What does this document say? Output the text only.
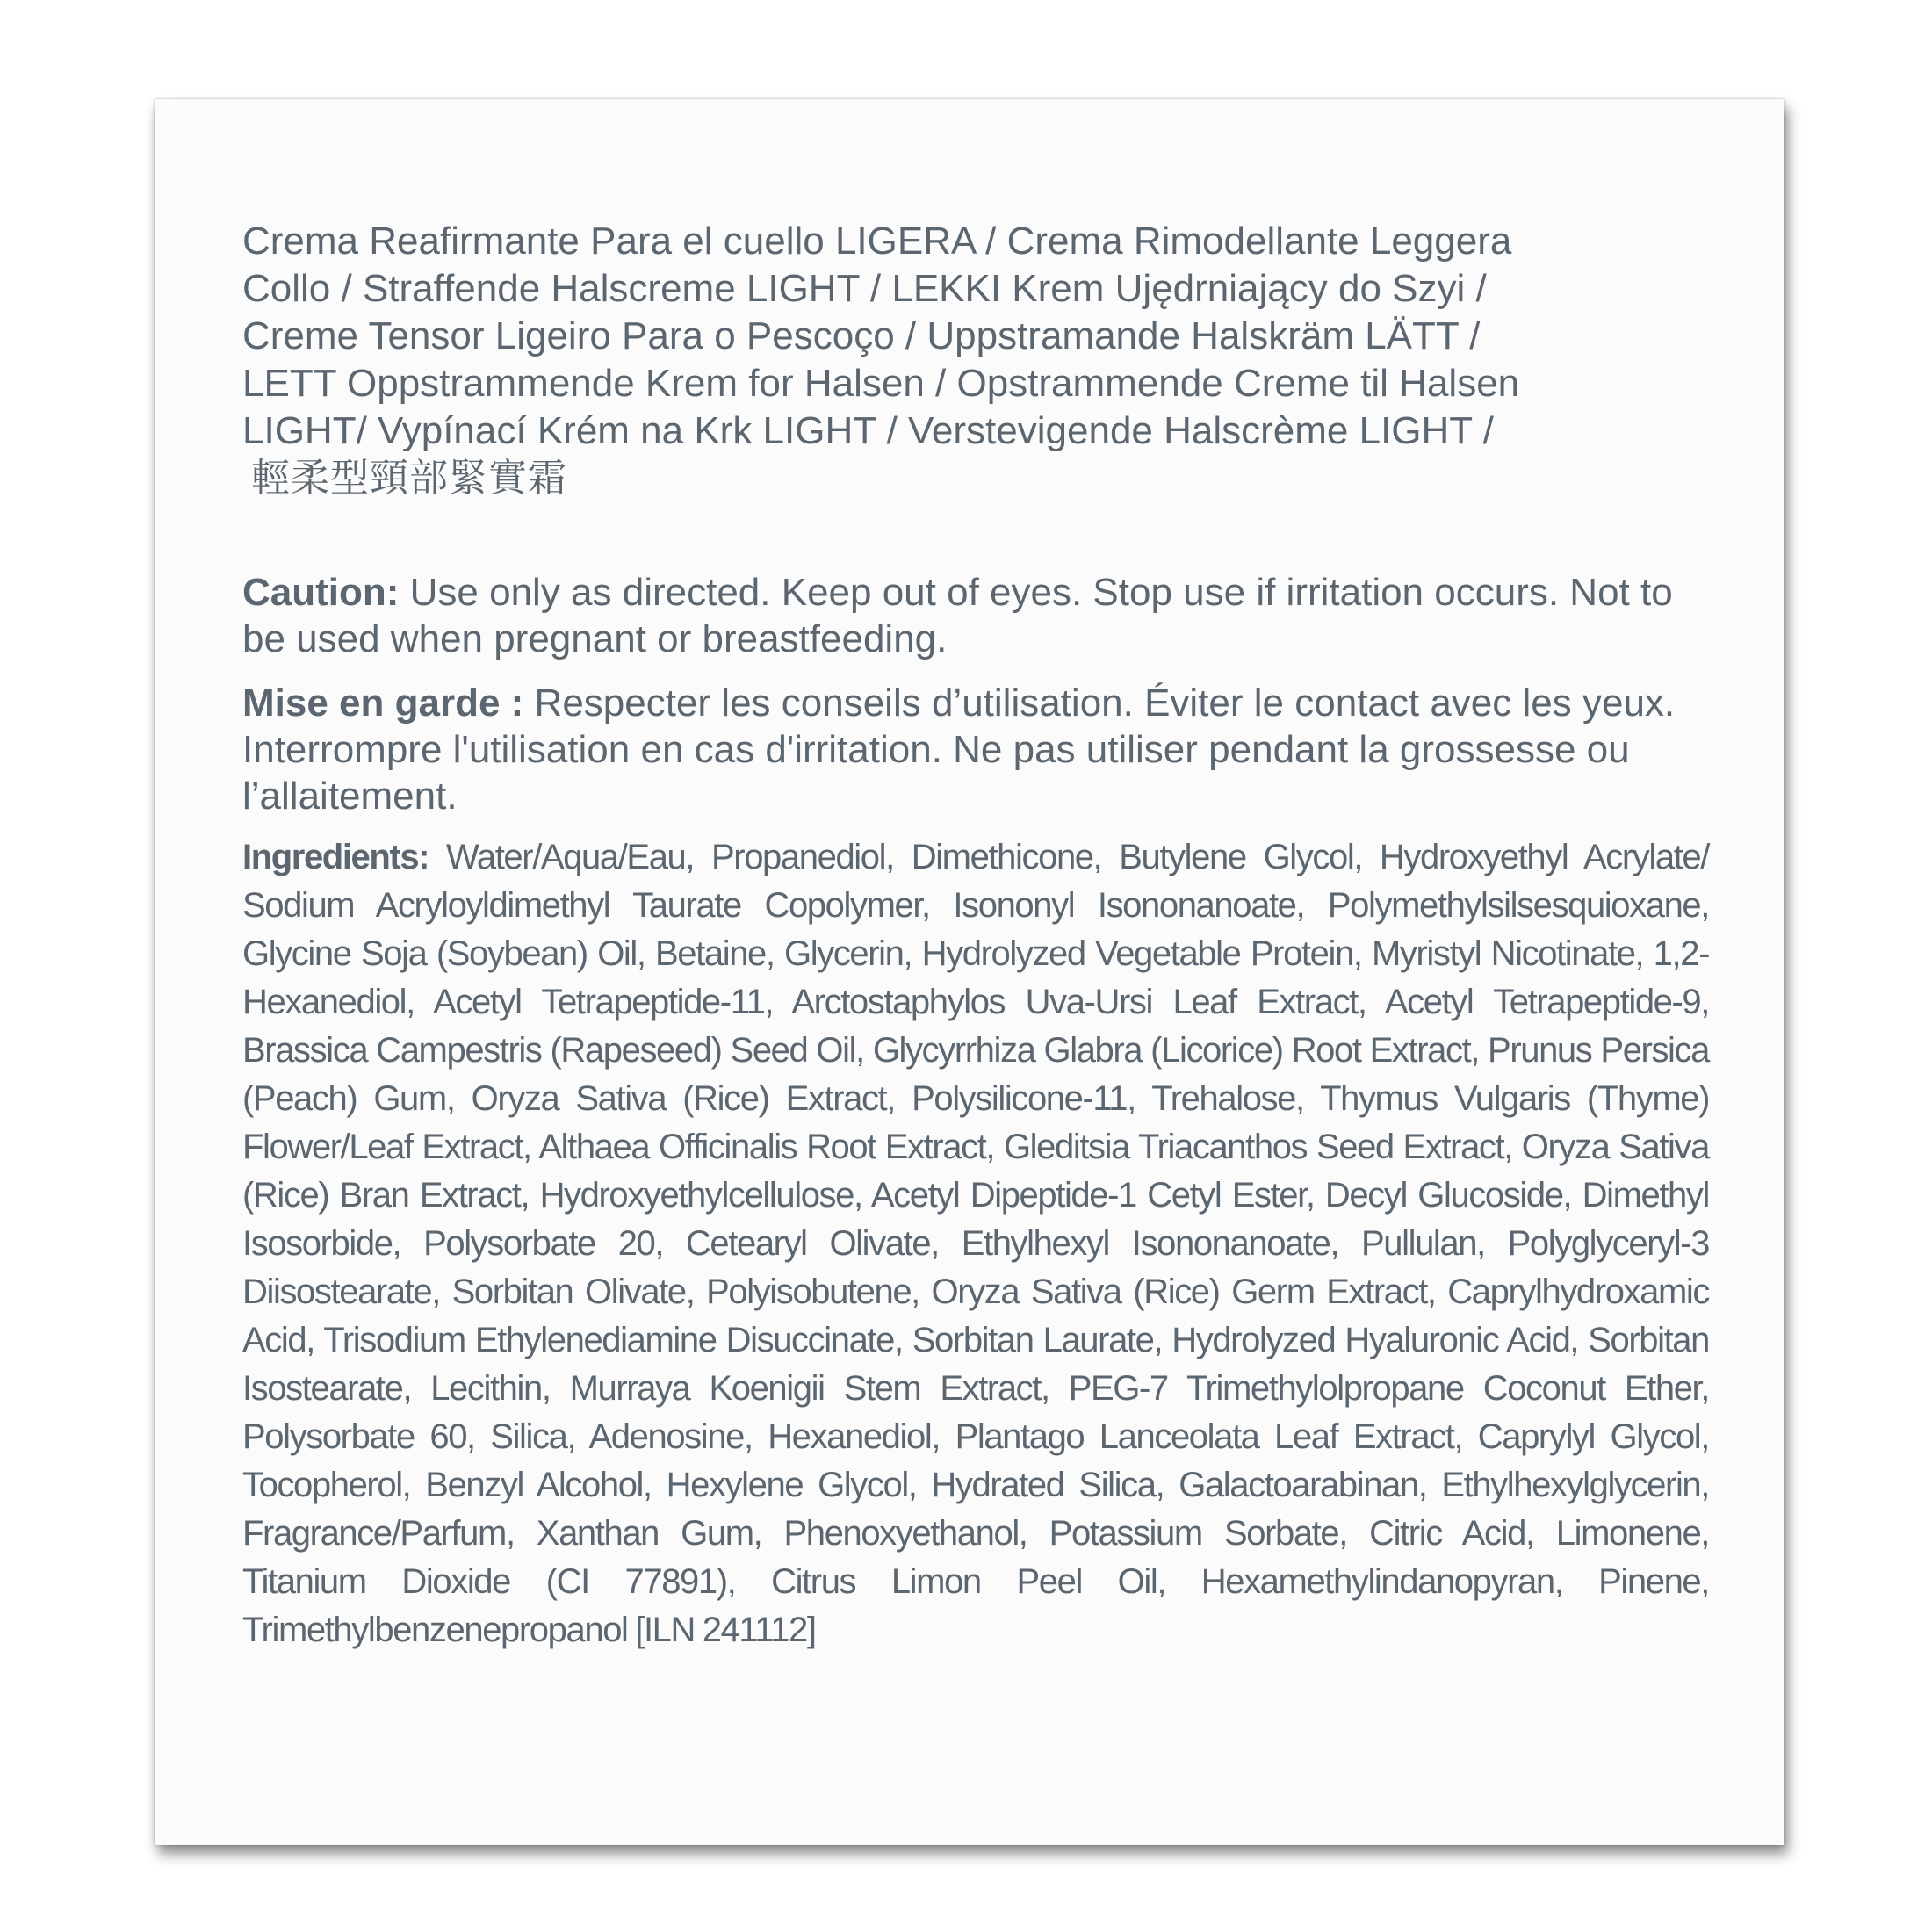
Crema Reafirmante Para el cuello LIGERA / Crema Rimodellante Leggera
Collo / Straffende Halscreme LIGHT / LEKKI Krem Ujędrniający do Szyi /
Creme Tensor Ligeiro Para o Pescoço / Uppstramande Halskräm LÄTT /
LETT Oppstrammende Krem for Halsen / Opstrammende Creme til Halsen
LIGHT/ Vypínací Krém na Krk LIGHT / Verstevigende Halscrème LIGHT /
輕柔型頸部緊實霜

Caution: Use only as directed. Keep out of eyes. Stop use if irritation occurs. Not to be used when pregnant or breastfeeding.

Mise en garde : Respecter les conseils d’utilisation. Éviter le contact avec les yeux. Interrompre l'utilisation en cas d'irritation. Ne pas utiliser pendant la grossesse ou l’allaitement.

Ingredients: Water/Aqua/Eau, Propanediol, Dimethicone, Butylene Glycol, Hydroxyethyl Acrylate/ Sodium Acryloyldimethyl Taurate Copolymer, Isononyl Isononanoate, Polymethylsilsesquioxane, Glycine Soja (Soybean) Oil, Betaine, Glycerin, Hydrolyzed Vegetable Protein, Myristyl Nicotinate, 1,2-Hexanediol, Acetyl Tetrapeptide-11, Arctostaphylos Uva-Ursi Leaf Extract, Acetyl Tetrapeptide-9, Brassica Campestris (Rapeseed) Seed Oil, Glycyrrhiza Glabra (Licorice) Root Extract, Prunus Persica (Peach) Gum, Oryza Sativa (Rice) Extract, Polysilicone-11, Trehalose, Thymus Vulgaris (Thyme) Flower/Leaf Extract, Althaea Officinalis Root Extract, Gleditsia Triacanthos Seed Extract, Oryza Sativa (Rice) Bran Extract, Hydroxyethylcellulose, Acetyl Dipeptide-1 Cetyl Ester, Decyl Glucoside, Dimethyl Isosorbide, Polysorbate 20, Cetearyl Olivate, Ethylhexyl Isononanoate, Pullulan, Polyglyceryl-3 Diisostearate, Sorbitan Olivate, Polyisobutene, Oryza Sativa (Rice) Germ Extract, Caprylhydroxamic Acid, Trisodium Ethylenediamine Disuccinate, Sorbitan Laurate, Hydrolyzed Hyaluronic Acid, Sorbitan Isostearate, Lecithin, Murraya Koenigii Stem Extract, PEG-7 Trimethylolpropane Coconut Ether, Polysorbate 60, Silica, Adenosine, Hexanediol, Plantago Lanceolata Leaf Extract, Caprylyl Glycol, Tocopherol, Benzyl Alcohol, Hexylene Glycol, Hydrated Silica, Galactoarabinan, Ethylhexylglycerin, Fragrance/Parfum, Xanthan Gum, Phenoxyethanol, Potassium Sorbate, Citric Acid, Limonene, Titanium Dioxide (CI 77891), Citrus Limon Peel Oil, Hexamethylindanopyran, Pinene, Trimethylbenzenepropanol [ILN 241112]
